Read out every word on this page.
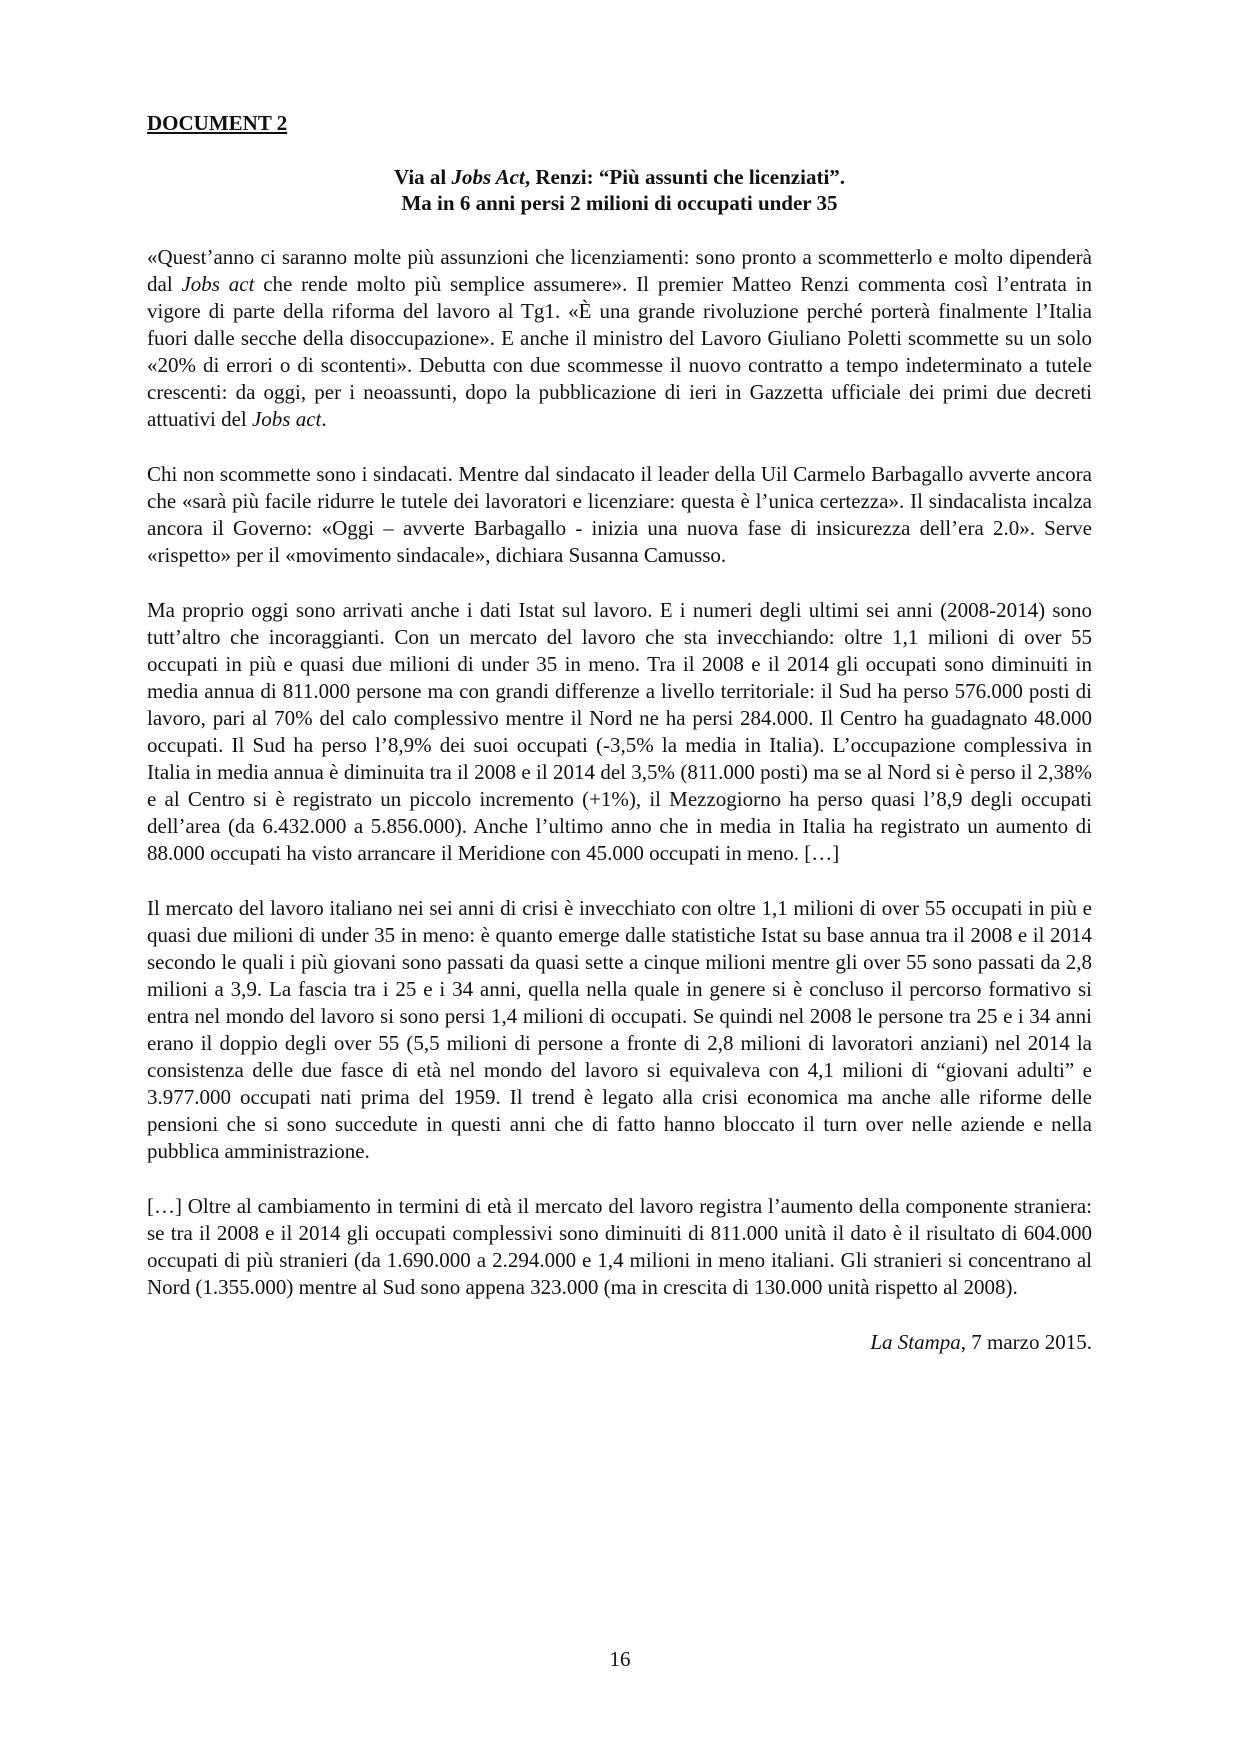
DOCUMENT 2
Via al Jobs Act, Renzi: “Più assunti che licenziati”.
Ma in 6 anni persi 2 milioni di occupati under 35

«Quest’anno ci saranno molte più assunzioni che licenziamenti: sono pronto a scommetterlo e molto dipenderà dal Jobs act che rende molto più semplice assumere». Il premier Matteo Renzi commenta così l’entrata in vigore di parte della riforma del lavoro al Tg1. «È una grande rivoluzione perché porterà finalmente l’Italia fuori dalle secche della disoccupazione». E anche il ministro del Lavoro Giuliano Poletti scommette su un solo «20% di errori o di scontenti». Debutta con due scommesse il nuovo contratto a tempo indeterminato a tutele crescenti: da oggi, per i neoassunti, dopo la pubblicazione di ieri in Gazzetta ufficiale dei primi due decreti attuativi del Jobs act.

Chi non scommette sono i sindacati. Mentre dal sindacato il leader della Uil Carmelo Barbagallo avverte ancora che «sarà più facile ridurre le tutele dei lavoratori e licenziare: questa è l’unica certezza». Il sindacalista incalza ancora il Governo: «Oggi – avverte Barbagallo - inizia una nuova fase di insicurezza dell’era 2.0». Serve «rispetto» per il «movimento sindacale», dichiara Susanna Camusso.

Ma proprio oggi sono arrivati anche i dati Istat sul lavoro. E i numeri degli ultimi sei anni (2008-2014) sono tutt’altro che incoraggianti. Con un mercato del lavoro che sta invecchiando: oltre 1,1 milioni di over 55 occupati in più e quasi due milioni di under 35 in meno. Tra il 2008 e il 2014 gli occupati sono diminuiti in media annua di 811.000 persone ma con grandi differenze a livello territoriale: il Sud ha perso 576.000 posti di lavoro, pari al 70% del calo complessivo mentre il Nord ne ha persi 284.000. Il Centro ha guadagnato 48.000 occupati. Il Sud ha perso l’8,9% dei suoi occupati (-3,5% la media in Italia). L’occupazione complessiva in Italia in media annua è diminuita tra il 2008 e il 2014 del 3,5% (811.000 posti) ma se al Nord si è perso il 2,38% e al Centro si è registrato un piccolo incremento (+1%), il Mezzogiorno ha perso quasi l’8,9 degli occupati dell’area (da 6.432.000 a 5.856.000). Anche l’ultimo anno che in media in Italia ha registrato un aumento di 88.000 occupati ha visto arrancare il Meridione con 45.000 occupati in meno. […]

Il mercato del lavoro italiano nei sei anni di crisi è invecchiato con oltre 1,1 milioni di over 55 occupati in più e quasi due milioni di under 35 in meno: è quanto emerge dalle statistiche Istat su base annua tra il 2008 e il 2014 secondo le quali i più giovani sono passati da quasi sette a cinque milioni mentre gli over 55 sono passati da 2,8 milioni a 3,9. La fascia tra i 25 e i 34 anni, quella nella quale in genere si è concluso il percorso formativo si entra nel mondo del lavoro si sono persi 1,4 milioni di occupati. Se quindi nel 2008 le persone tra 25 e i 34 anni erano il doppio degli over 55 (5,5 milioni di persone a fronte di 2,8 milioni di lavoratori anziani) nel 2014 la consistenza delle due fasce di età nel mondo del lavoro si equivaleva con 4,1 milioni di “giovani adulti” e 3.977.000 occupati nati prima del 1959. Il trend è legato alla crisi economica ma anche alle riforme delle pensioni che si sono succedute in questi anni che di fatto hanno bloccato il turn over nelle aziende e nella pubblica amministrazione.

[…] Oltre al cambiamento in termini di età il mercato del lavoro registra l’aumento della componente straniera: se tra il 2008 e il 2014 gli occupati complessivi sono diminuiti di 811.000 unità il dato è il risultato di 604.000 occupati di più stranieri (da 1.690.000 a 2.294.000 e 1,4 milioni in meno italiani. Gli stranieri si concentrano al Nord (1.355.000) mentre al Sud sono appena 323.000 (ma in crescita di 130.000 unità rispetto al 2008).

La Stampa, 7 marzo 2015.
16
